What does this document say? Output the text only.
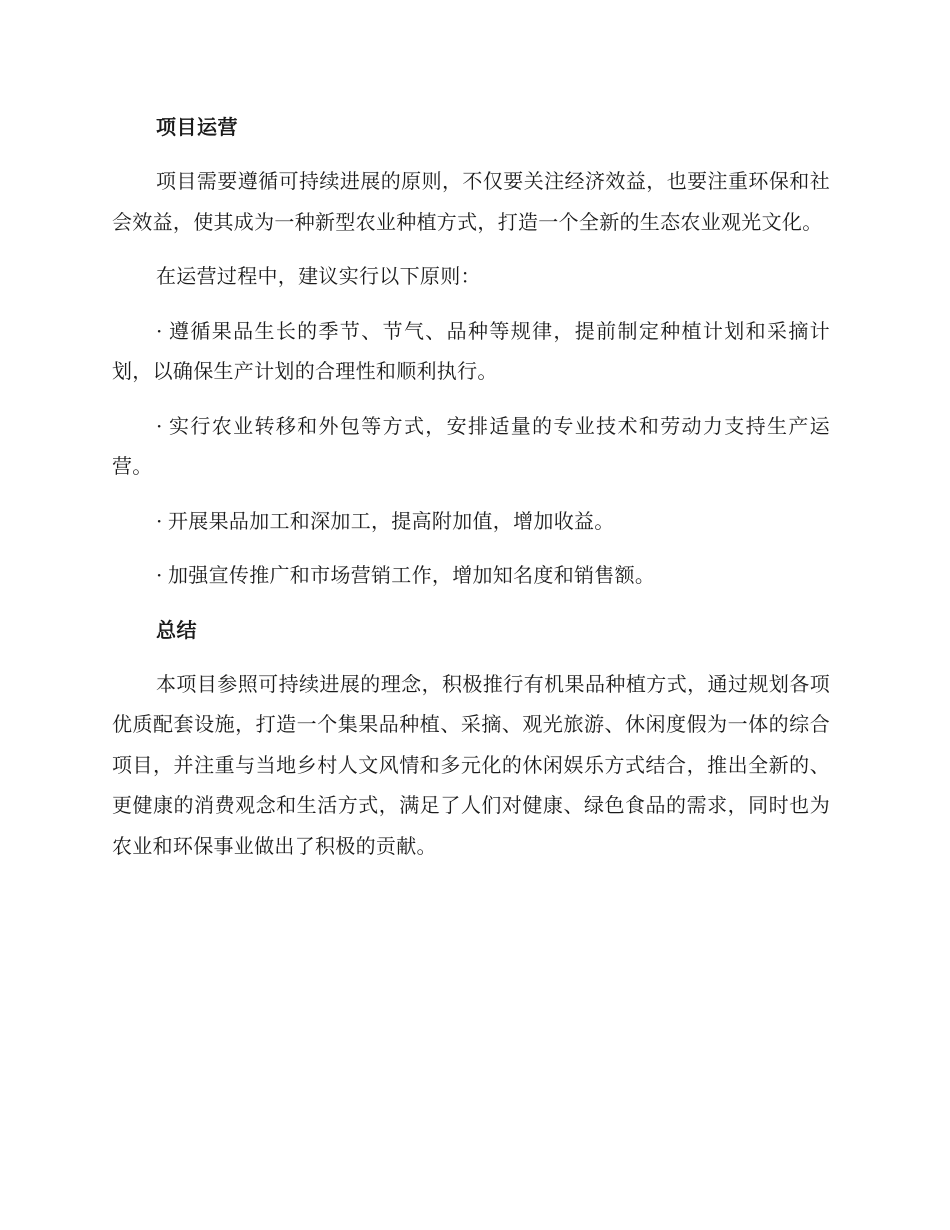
项目运营

项目需要遵循可持续进展的原则，不仅要关注经济效益，也要注重环保和社会效益，使其成为一种新型农业种植方式，打造一个全新的生态农业观光文化。

在运营过程中，建议实行以下原则：

· 遵循果品生长的季节、节气、品种等规律，提前制定种植计划和采摘计划，以确保生产计划的合理性和顺利执行。

· 实行农业转移和外包等方式，安排适量的专业技术和劳动力支持生产运营。

· 开展果品加工和深加工，提高附加值，增加收益。

· 加强宣传推广和市场营销工作，增加知名度和销售额。

总结

本项目参照可持续进展的理念，积极推行有机果品种植方式，通过规划各项优质配套设施，打造一个集果品种植、采摘、观光旅游、休闲度假为一体的综合项目，并注重与当地乡村人文风情和多元化的休闲娱乐方式结合，推出全新的、更健康的消费观念和生活方式，满足了人们对健康、绿色食品的需求，同时也为农业和环保事业做出了积极的贡献。
